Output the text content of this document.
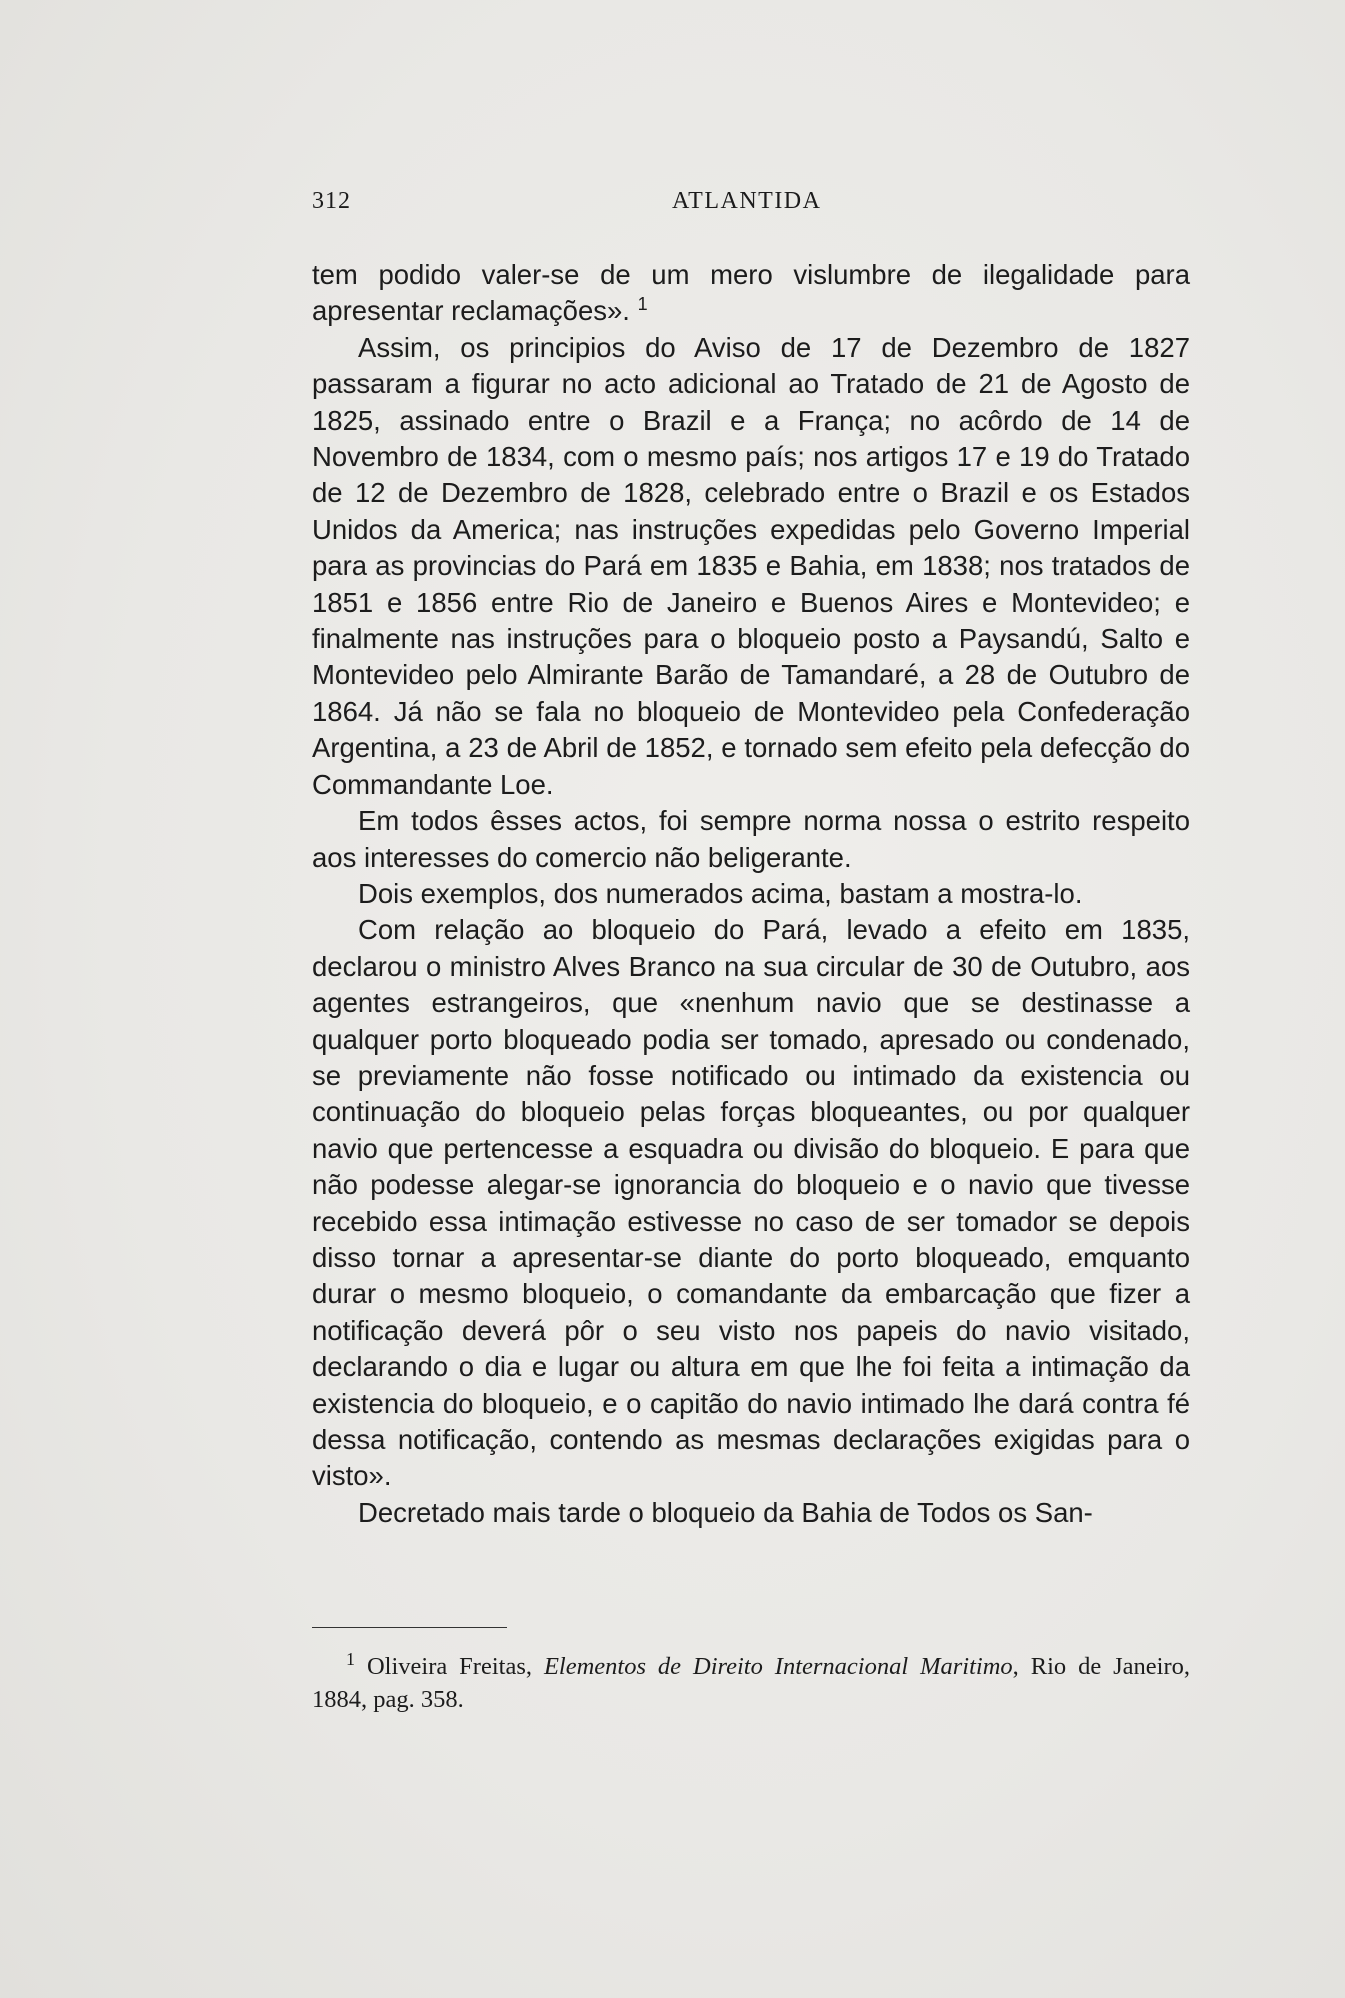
312	ATLANTIDA

tem podido valer-se de um mero vislumbre de ilegalidade para apresentar reclamações». $^1$

Assim, os principios do Aviso de 17 de Dezembro de 1827 passaram a figurar no acto adicional ao Tratado de 21 de Agosto de 1825, assinado entre o Brazil e a França; no acôrdo de 14 de Novembro de 1834, com o mesmo país; nos artigos 17 e 19 do Tratado de 12 de Dezembro de 1828, celebrado entre o Brazil e os Estados Unidos da America; nas instruções expedidas pelo Governo Imperial para as provincias do Pará em 1835 e Bahia, em 1838; nos tratados de 1851 e 1856 entre Rio de Janeiro e Buenos Aires e Montevideo; e finalmente nas instruções para o bloqueio posto a Paysandú, Salto e Montevideo pelo Almirante Barão de Tamandaré, a 28 de Outubro de 1864. Já não se fala no bloqueio de Montevideo pela Confederação Argentina, a 23 de Abril de 1852, e tornado sem efeito pela defecção do Commandante Loe.

Em todos êsses actos, foi sempre norma nossa o estrito respeito aos interesses do comercio não beligerante.

Dois exemplos, dos numerados acima, bastam a mostra-lo.

Com relação ao bloqueio do Pará, levado a efeito em 1835, declarou o ministro Alves Branco na sua circular de 30 de Outubro, aos agentes estrangeiros, que «nenhum navio que se destinasse a qualquer porto bloqueado podia ser tomado, apresado ou condenado, se previamente não fosse notificado ou intimado da existencia ou continuação do bloqueio pelas forças bloqueantes, ou por qualquer navio que pertencesse a esquadra ou divisão do bloqueio. E para que não podesse alegar-se ignorancia do bloqueio e o navio que tivesse recebido essa intimação estivesse no caso de ser tomador se depois disso tornar a apresentar-se diante do porto bloqueado, emquanto durar o mesmo bloqueio, o comandante da embarcação que fizer a notificação deverá pôr o seu visto nos papeis do navio visitado, declarando o dia e lugar ou altura em que lhe foi feita a intimação da existencia do bloqueio, e o capitão do navio intimado lhe dará contra fé dessa notificação, contendo as mesmas declarações exigidas para o visto».

Decretado mais tarde o bloqueio da Bahia de Todos os San-

$^1$ Oliveira Freitas, Elementos de Direito Internacional Maritimo, Rio de Janeiro, 1884, pag. 358.
